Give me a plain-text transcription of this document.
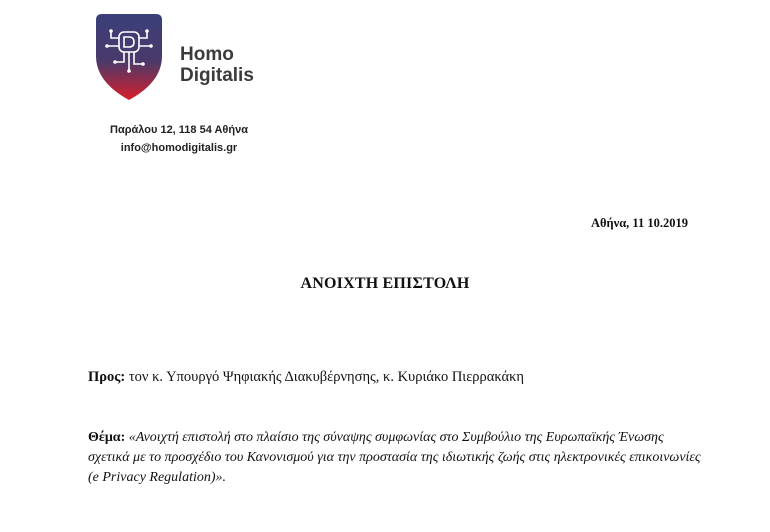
Homo
Digitalis
Παράλου 12, 118 54 Αθήνα
info@homodigitalis.gr
Αθήνα, 11 10.2019
ΑΝΟΙΧΤΗ ΕΠΙΣΤΟΛΗ
Προς: τον κ. Υπουργό Ψηφιακής Διακυβέρνησης, κ. Κυριάκο Πιερρακάκη
Θέμα: «Ανοιχτή επιστολή στο πλαίσιο της σύναψης συμφωνίας στο Συμβούλιο της Ευρωπαϊκής Ένωσης σχετικά με το προσχέδιο του Κανονισμού για την προστασία της ιδιωτικής ζωής στις ηλεκτρονικές επικοινωνίες (e Privacy Regulation)».
